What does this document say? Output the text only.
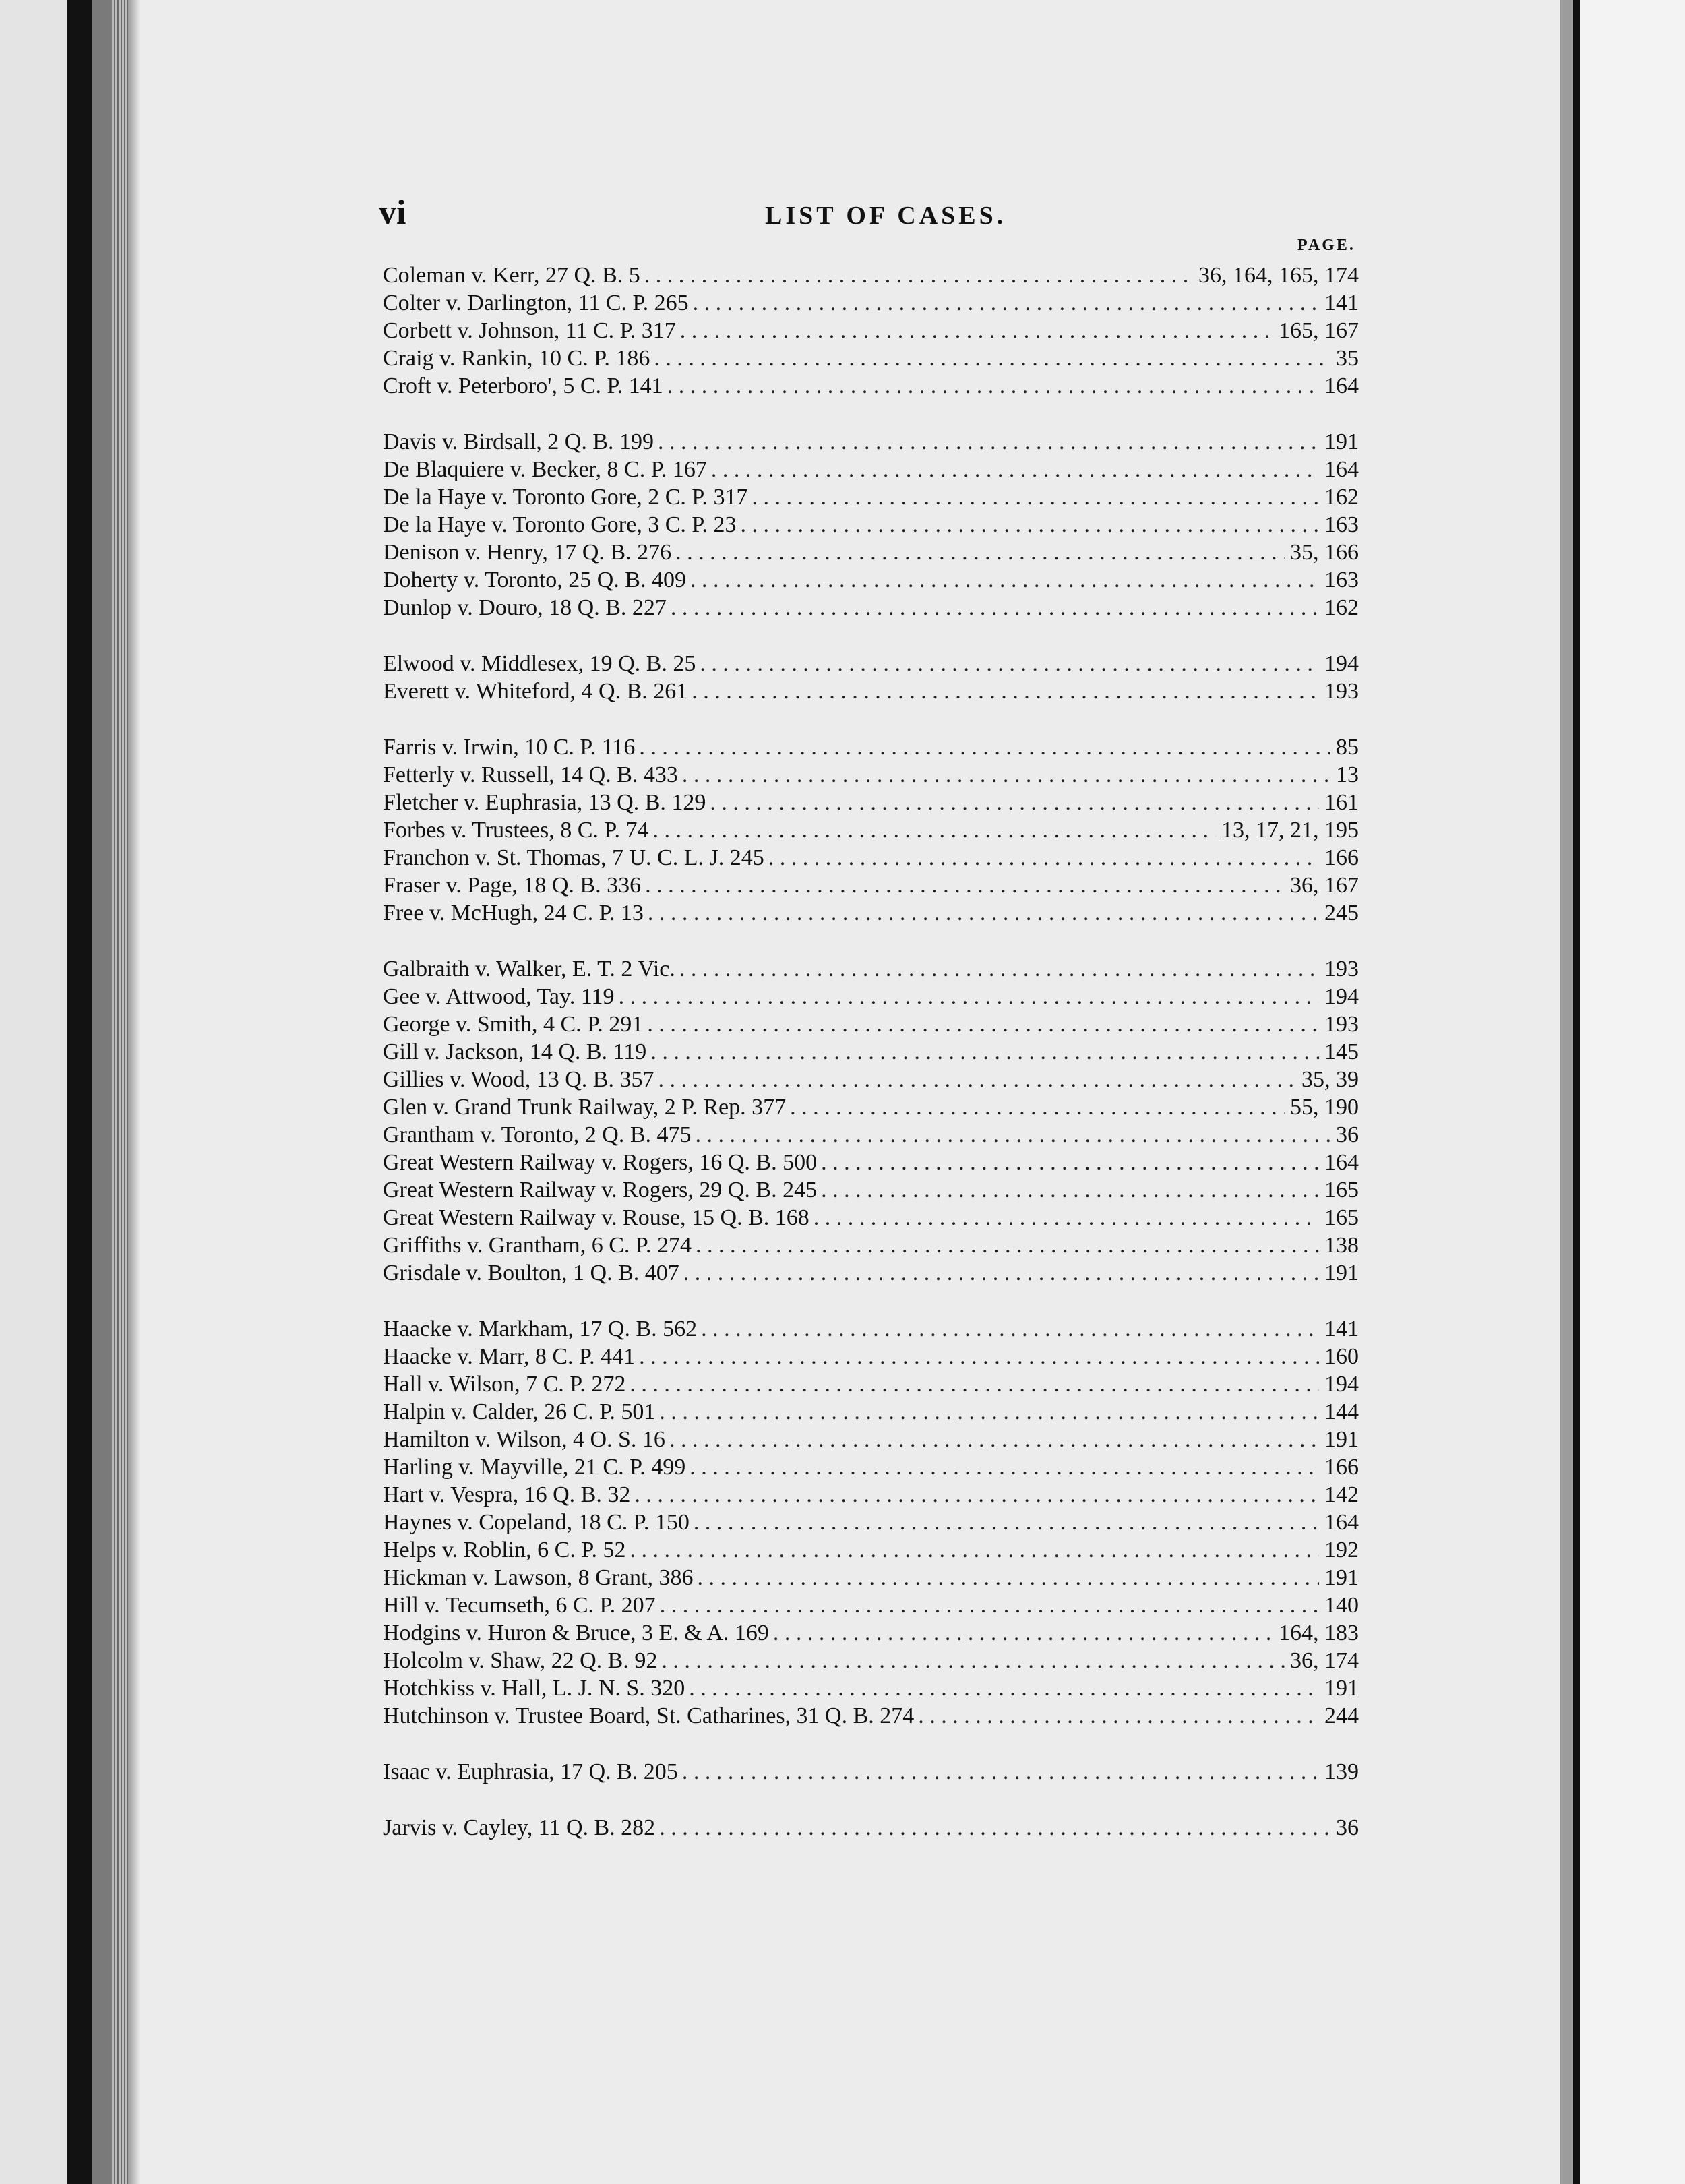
vi	LIST OF CASES.
PAGE.
Coleman v. Kerr, 27 Q. B. 5 . . .	36, 164, 165, 174
Colter v. Darlington, 11 C. P. 265 . . .	141
Corbett v. Johnson, 11 C. P. 317 . . .	165, 167
Craig v. Rankin, 10 C. P. 186 . . .	35
Croft v. Peterboro', 5 C. P. 141 . . .	164
Davis v. Birdsall, 2 Q. B. 199 . . .	191
De Blaquiere v. Becker, 8 C. P. 167 . . .	164
De la Haye v. Toronto Gore, 2 C. P. 317 . . .	162
De la Haye v. Toronto Gore, 3 C. P. 23 . . .	163
Denison v. Henry, 17 Q. B. 276 . . .	35, 166
Doherty v. Toronto, 25 Q. B. 409 . . .	163
Dunlop v. Douro, 18 Q. B. 227 . . .	162
Elwood v. Middlesex, 19 Q. B. 25 . . .	194
Everett v. Whiteford, 4 Q. B. 261 . . .	193
Farris v. Irwin, 10 C. P. 116 . . .	85
Fetterly v. Russell, 14 Q. B. 433 . . .	13
Fletcher v. Euphrasia, 13 Q. B. 129 . . .	161
Forbes v. Trustees, 8 C. P. 74 . . .	13, 17, 21, 195
Franchon v. St. Thomas, 7 U. C. L. J. 245 . . .	166
Fraser v. Page, 18 Q. B. 336 . . .	36, 167
Free v. McHugh, 24 C. P. 13 . . .	245
Galbraith v. Walker, E. T. 2 Vic. . . .	193
Gee v. Attwood, Tay. 119 . . .	194
George v. Smith, 4 C. P. 291 . . .	193
Gill v. Jackson, 14 Q. B. 119 . . .	145
Gillies v. Wood, 13 Q. B. 357 . . .	35, 39
Glen v. Grand Trunk Railway, 2 P. Rep. 377 . . .	55, 190
Grantham v. Toronto, 2 Q. B. 475 . . .	36
Great Western Railway v. Rogers, 16 Q. B. 500 . . .	164
Great Western Railway v. Rogers, 29 Q. B. 245 . . .	165
Great Western Railway v. Rouse, 15 Q. B. 168 . . .	165
Griffiths v. Grantham, 6 C. P. 274 . . .	138
Grisdale v. Boulton, 1 Q. B. 407 . . .	191
Haacke v. Markham, 17 Q. B. 562 . . .	141
Haacke v. Marr, 8 C. P. 441 . . .	160
Hall v. Wilson, 7 C. P. 272 . . .	194
Halpin v. Calder, 26 C. P. 501 . . .	144
Hamilton v. Wilson, 4 O. S. 16 . . .	191
Harling v. Mayville, 21 C. P. 499 . . .	166
Hart v. Vespra, 16 Q. B. 32 . . .	142
Haynes v. Copeland, 18 C. P. 150 . . .	164
Helps v. Roblin, 6 C. P. 52 . . .	192
Hickman v. Lawson, 8 Grant, 386 . . .	191
Hill v. Tecumseth, 6 C. P. 207 . . .	140
Hodgins v. Huron & Bruce, 3 E. & A. 169 . . .	164, 183
Holcolm v. Shaw, 22 Q. B. 92 . . .	36, 174
Hotchkiss v. Hall, L. J. N. S. 320 . . .	191
Hutchinson v. Trustee Board, St. Catharines, 31 Q. B. 274 . . .	244
Isaac v. Euphrasia, 17 Q. B. 205 . . .	139
Jarvis v. Cayley, 11 Q. B. 282 . . .	36
